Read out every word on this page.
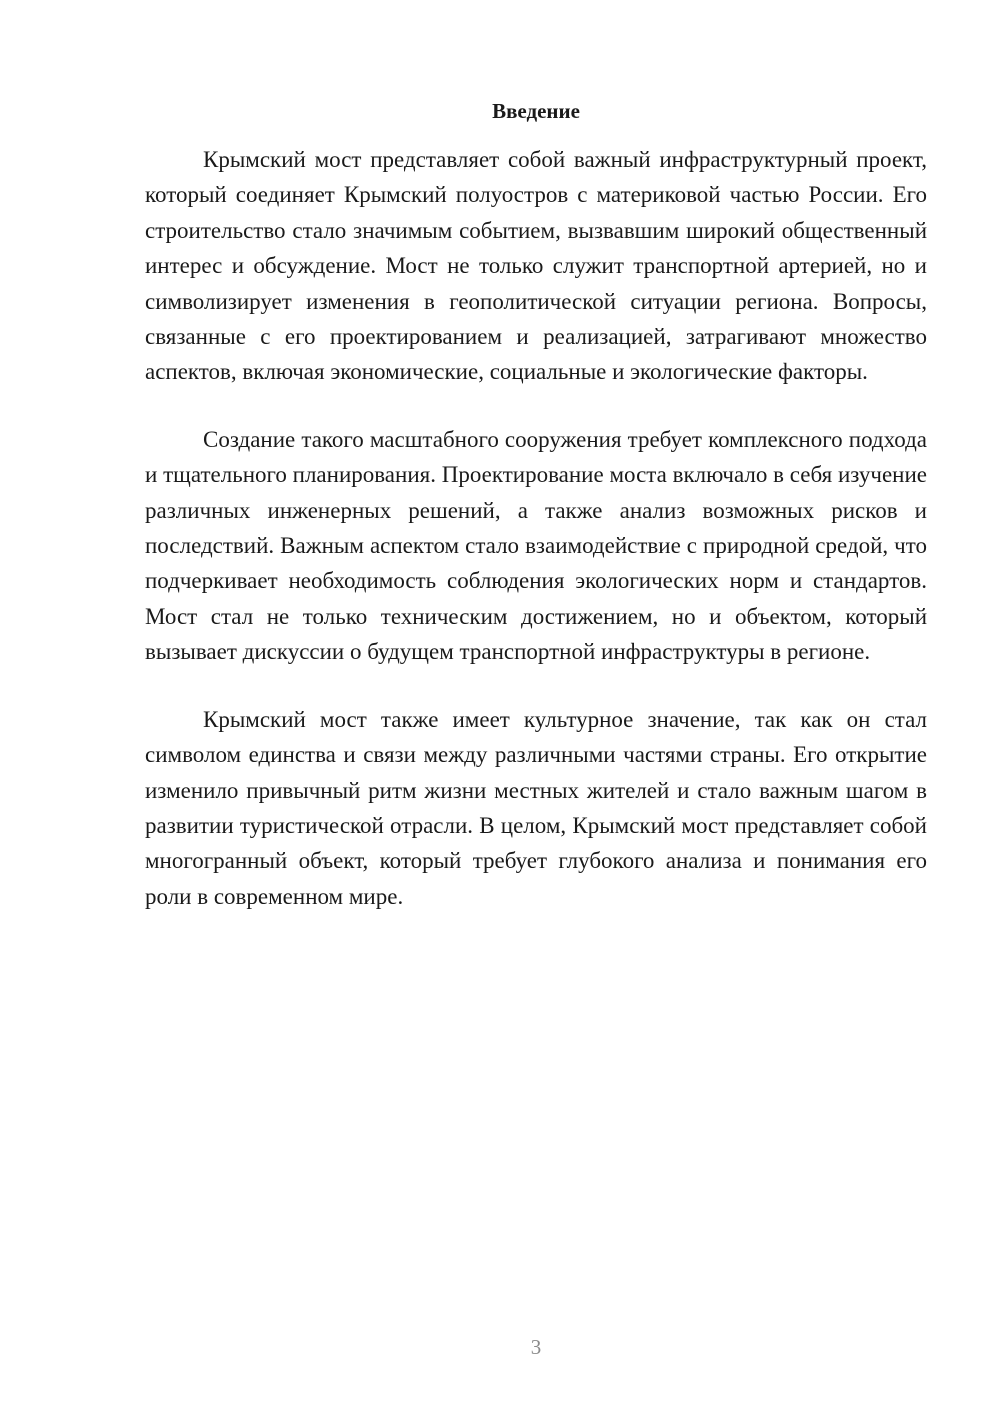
Введение

Крымский мост представляет собой важный инфраструктурный проект, который соединяет Крымский полуостров с материковой частью России. Его строительство стало значимым событием, вызвавшим широкий общественный интерес и обсуждение. Мост не только служит транспортной артерией, но и символизирует изменения в геополитической ситуации региона. Вопросы, связанные с его проектированием и реализацией, затрагивают множество аспектов, включая экономические, социальные и экологические факторы.

Создание такого масштабного сооружения требует комплексного подхода и тщательного планирования. Проектирование моста включало в себя изучение различных инженерных решений, а также анализ возможных рисков и последствий. Важным аспектом стало взаимодействие с природной средой, что подчеркивает необходимость соблюдения экологических норм и стандартов. Мост стал не только техническим достижением, но и объектом, который вызывает дискуссии о будущем транспортной инфраструктуры в регионе.

Крымский мост также имеет культурное значение, так как он стал символом единства и связи между различными частями страны. Его открытие изменило привычный ритм жизни местных жителей и стало важным шагом в развитии туристической отрасли. В целом, Крымский мост представляет собой многогранный объект, который требует глубокого анализа и понимания его роли в современном мире.

3
